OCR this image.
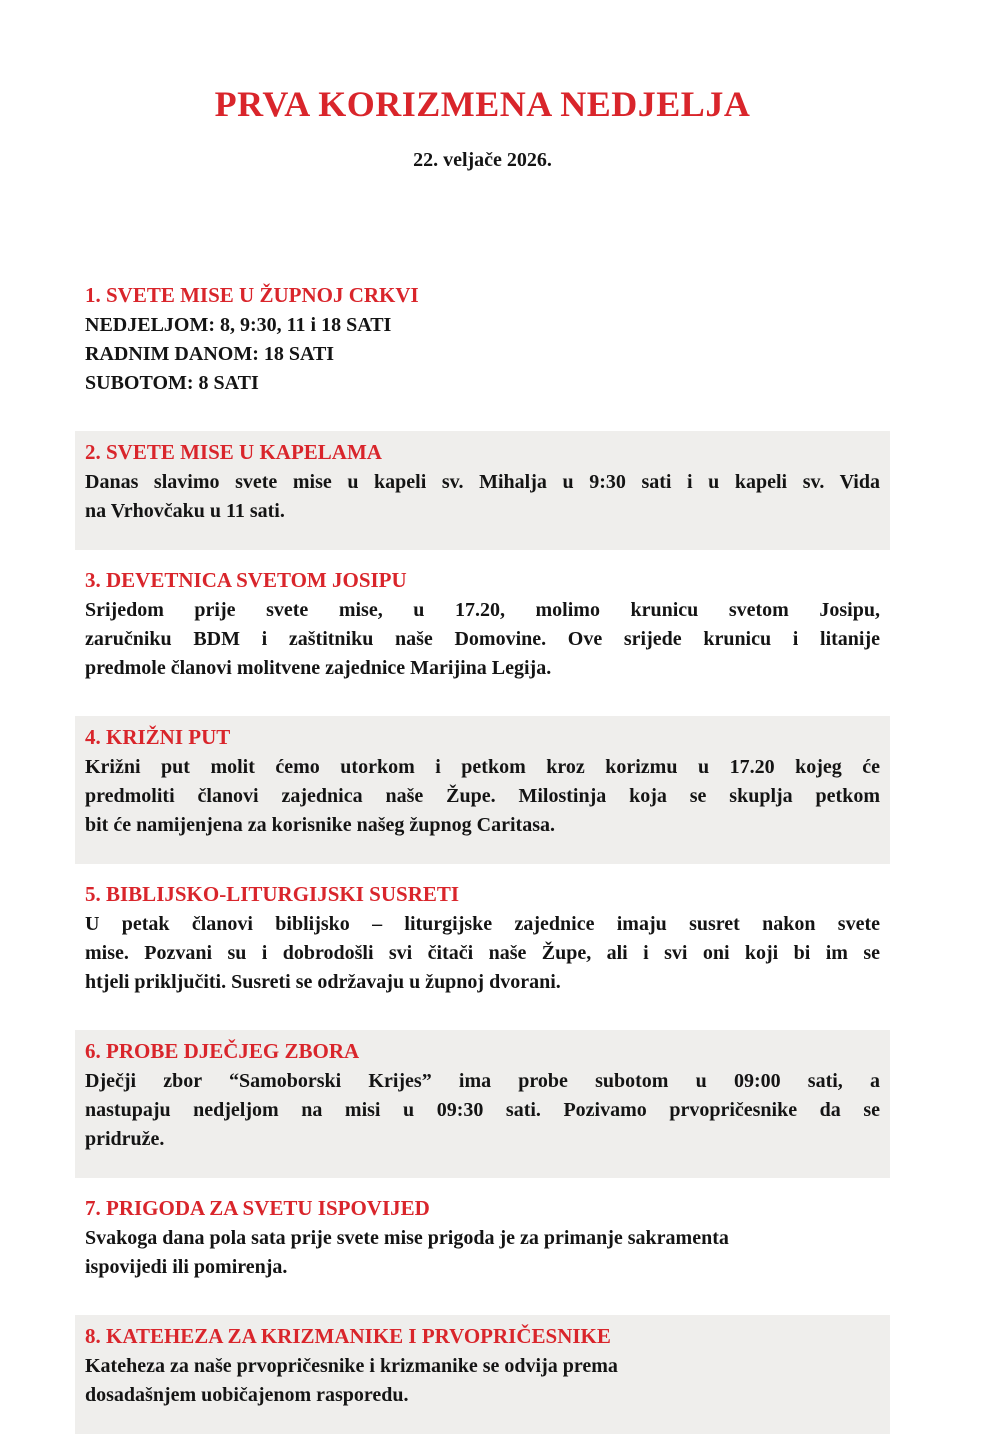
PRVA KORIZMENA NEDJELJA
22. veljače 2026.
1. SVETE MISE U ŽUPNOJ CRKVI
NEDJELJOM: 8, 9:30, 11 i 18 SATI
RADNIM DANOM: 18 SATI
SUBOTOM: 8 SATI
2. SVETE MISE U KAPELAMA
Danas slavimo svete mise u kapeli sv. Mihalja u 9:30 sati i u kapeli sv. Vida
na Vrhovčaku u 11 sati.
3. DEVETNICA SVETOM JOSIPU
Srijedom prije svete mise, u 17.20, molimo krunicu svetom Josipu,
zaručniku BDM i zaštitniku naše Domovine. Ove srijede krunicu i litanije
predmole članovi molitvene zajednice Marijina Legija.
4. KRIŽNI PUT
Križni put molit ćemo utorkom i petkom kroz korizmu u 17.20 kojeg će
predmoliti članovi zajednica naše Župe. Milostinja koja se skuplja petkom
bit će namijenjena za korisnike našeg župnog Caritasa.
5. BIBLIJSKO-LITURGIJSKI SUSRETI
U petak članovi biblijsko – liturgijske zajednice imaju susret nakon svete
mise. Pozvani su i dobrodošli svi čitači naše Župe, ali i svi oni koji bi im se
htjeli priključiti. Susreti se održavaju u župnoj dvorani.
6. PROBE DJEČJEG ZBORA
Dječji zbor “Samoborski Krijes” ima probe subotom u 09:00 sati, a
nastupaju nedjeljom na misi u 09:30 sati. Pozivamo prvopričesnike da se
pridruže.
7. PRIGODA ZA SVETU ISPOVIJED
Svakoga dana pola sata prije svete mise prigoda je za primanje sakramenta
ispovijedi ili pomirenja.
8. KATEHEZA ZA KRIZMANIKE I PRVOPRIČESNIKE
Kateheza za naše prvopričesnike i krizmanike se odvija prema
dosadašnjem uobičajenom rasporedu.
